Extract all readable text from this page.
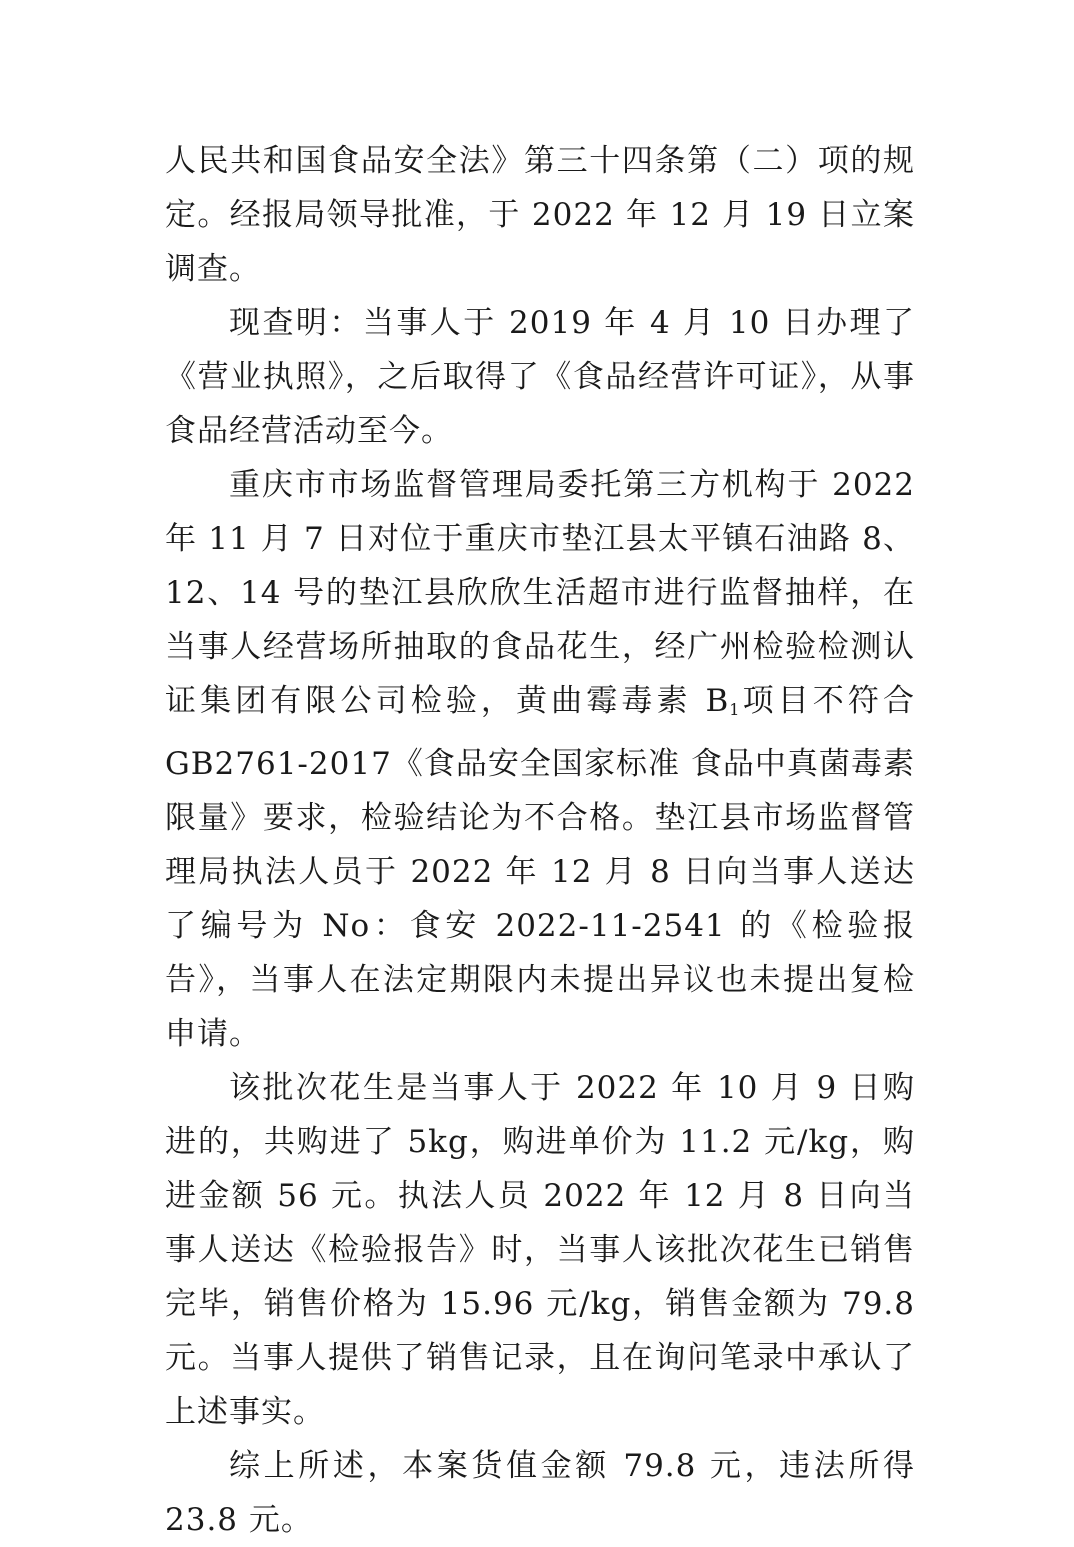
人民共和国食品安全法》第三十四条第（二）项的规定。经报局领导批准，于 2022 年 12 月 19 日立案调查。

现查明：当事人于 2019 年 4 月 10 日办理了《营业执照》，之后取得了《食品经营许可证》，从事食品经营活动至今。

重庆市市场监督管理局委托第三方机构于 2022 年 11 月 7 日对位于重庆市垫江县太平镇石油路 8、12、14 号的垫江县欣欣生活超市进行监督抽样，在当事人经营场所抽取的食品花生，经广州检验检测认证集团有限公司检验，黄曲霉毒素 $B_1$项目不符合 GB2761-2017《食品安全国家标准 食品中真菌毒素限量》要求，检验结论为不合格。垫江县市场监督管理局执法人员于 2022 年 12 月 8 日向当事人送达了编号为 No：食安 2022-11-2541 的《检验报告》，当事人在法定期限内未提出异议也未提出复检申请。

该批次花生是当事人于 2022 年 10 月 9 日购进的，共购进了 5kg，购进单价为 11.2 元/kg，购进金额 56 元。执法人员 2022 年 12 月 8 日向当事人送达《检验报告》时，当事人该批次花生已销售完毕，销售价格为 15.96 元/kg，销售金额为 79.8 元。当事人提供了销售记录，且在询问笔录中承认了上述事实。

综上所述，本案货值金额 79.8 元，违法所得 23.8 元。
